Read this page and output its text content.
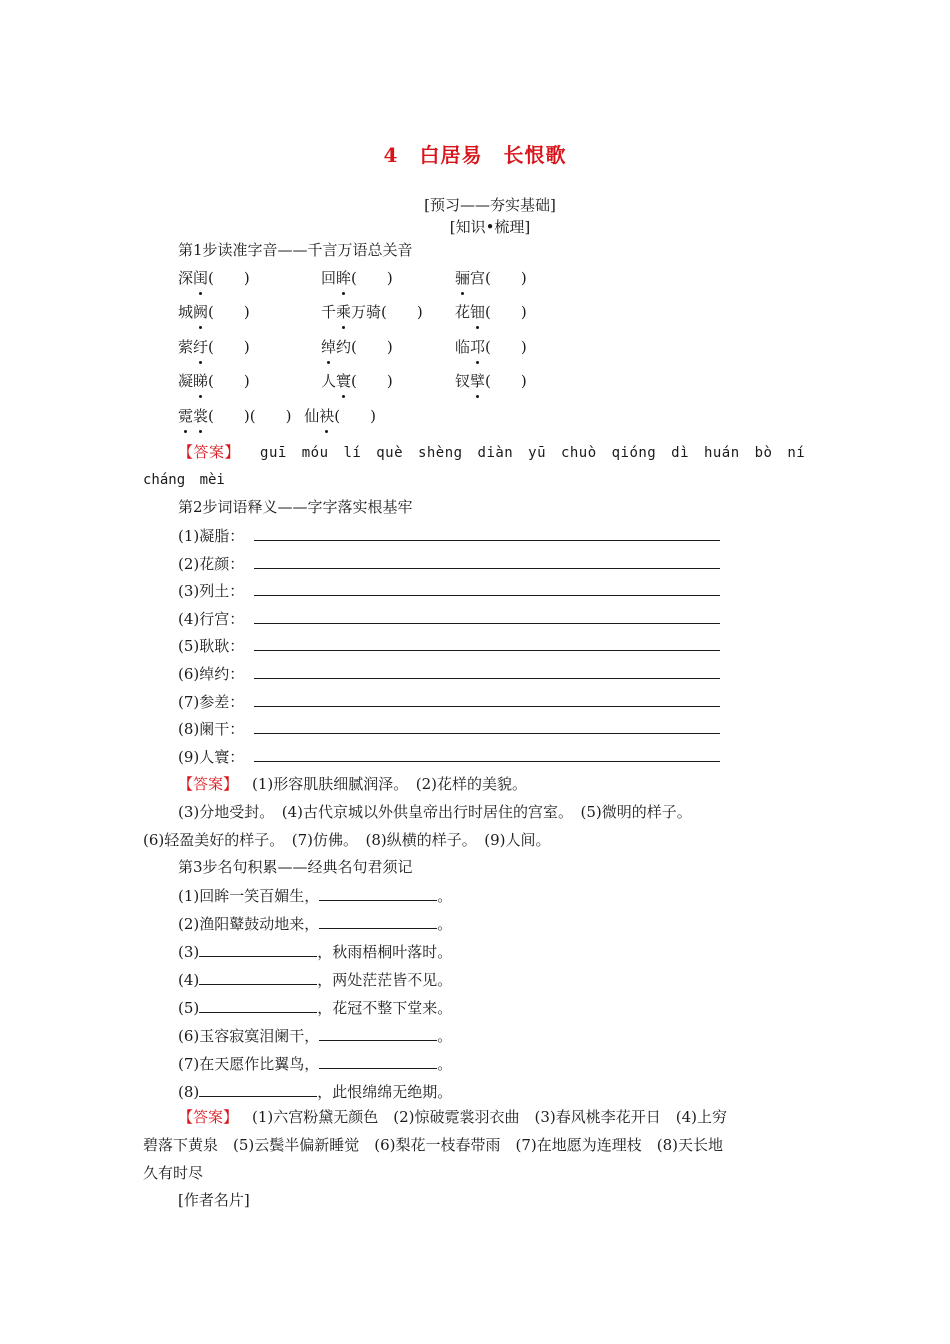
4　白居易　长恨歌
[预习——夯实基础]
[知识•梳理]
第1步读准字音——千言万语总关音
深闺(　　)	回眸(　　)	骊宫(　　)
城阙(　　)	千乘万骑(　　) 花钿(　　)
萦纡(　　)	绰约(　　)	临邛(　　)
凝睇(　　)	人寰(　　)	钗擘(　　)
霓裳(　　)(　　) 仙袂(　　)
【答案】 guī móu lí què shèng diàn yū chuò qióng dì huán bò ní
cháng mèi
第2步词语释义——字字落实根基牢
(1)凝脂：
(2)花颜：
(3)列土：
(4)行宫：
(5)耿耿：
(6)绰约：
(7)参差：
(8)阑干：
(9)人寰：
【答案】 (1)形容肌肤细腻润泽。　(2)花样的美貌。
(3)分地受封。　(4)古代京城以外供皇帝出行时居住的宫室。　(5)微明的样子。
(6)轻盈美好的样子。　(7)仿佛。　(8)纵横的样子。　(9)人间。
第3步名句积累——经典名句君须记
(1)回眸一笑百媚生，	。
(2)渔阳鼙鼓动地来，	。
(3)	，秋雨梧桐叶落时。
(4)	，两处茫茫皆不见。
(5)	，花冠不整下堂来。
(6)玉容寂寞泪阑干，	。
(7)在天愿作比翼鸟，	。
(8)	，此恨绵绵无绝期。
【答案】 (1)六宫粉黛无颜色　(2)惊破霓裳羽衣曲　(3)春风桃李花开日　(4)上穷
碧落下黄泉　(5)云鬓半偏新睡觉　(6)梨花一枝春带雨　(7)在地愿为连理枝　(8)天长地
久有时尽
[作者名片]
